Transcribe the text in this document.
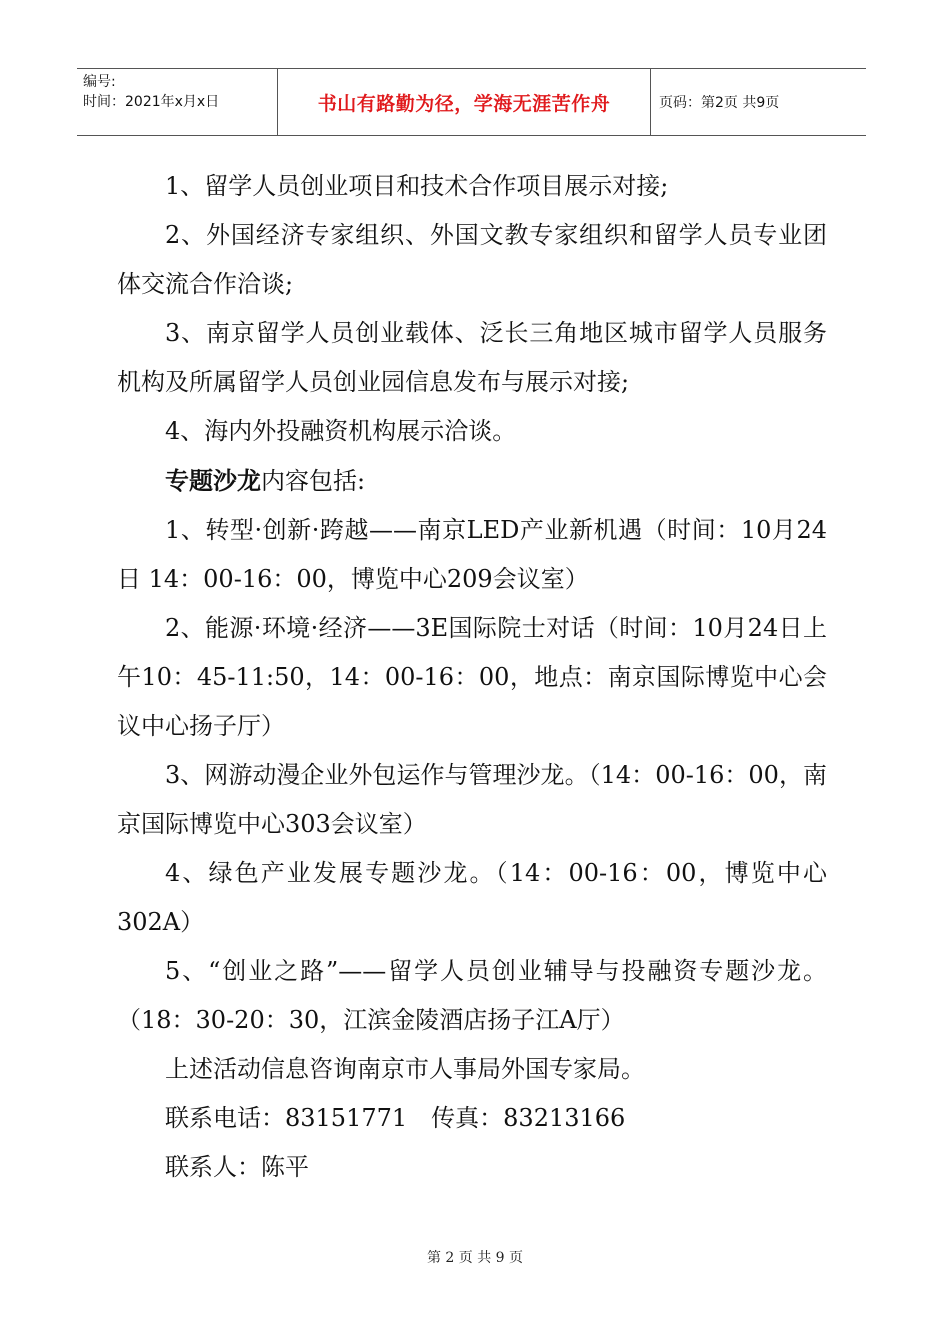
编号:
时间：2021年x月x日	书山有路勤为径，学海无涯苦作舟	页码：第2页 共9页

1、留学人员创业项目和技术合作项目展示对接;

2、外国经济专家组织、外国文教专家组织和留学人员专业团体交流合作洽谈;

3、南京留学人员创业载体、泛长三角地区城市留学人员服务机构及所属留学人员创业园信息发布与展示对接;

4、海内外投融资机构展示洽谈。

专题沙龙内容包括:

1、转型·创新·跨越——南京LED产业新机遇（时间：10月24日 14：00-16：00，博览中心209会议室）

2、能源·环境·经济——3E国际院士对话（时间：10月24日上午10：45-11:50，14：00-16：00，地点：南京国际博览中心会议中心扬子厅）

3、网游动漫企业外包运作与管理沙龙。（14：00-16：00，南京国际博览中心303会议室）

4、绿色产业发展专题沙龙。（14：00-16：00，博览中心302A）

5、“创业之路”——留学人员创业辅导与投融资专题沙龙。（18：30-20：30，江滨金陵酒店扬子江A厅）

上述活动信息咨询南京市人事局外国专家局。

联系电话：83151771　传真：83213166

联系人：陈平

第 2 页 共 9 页
